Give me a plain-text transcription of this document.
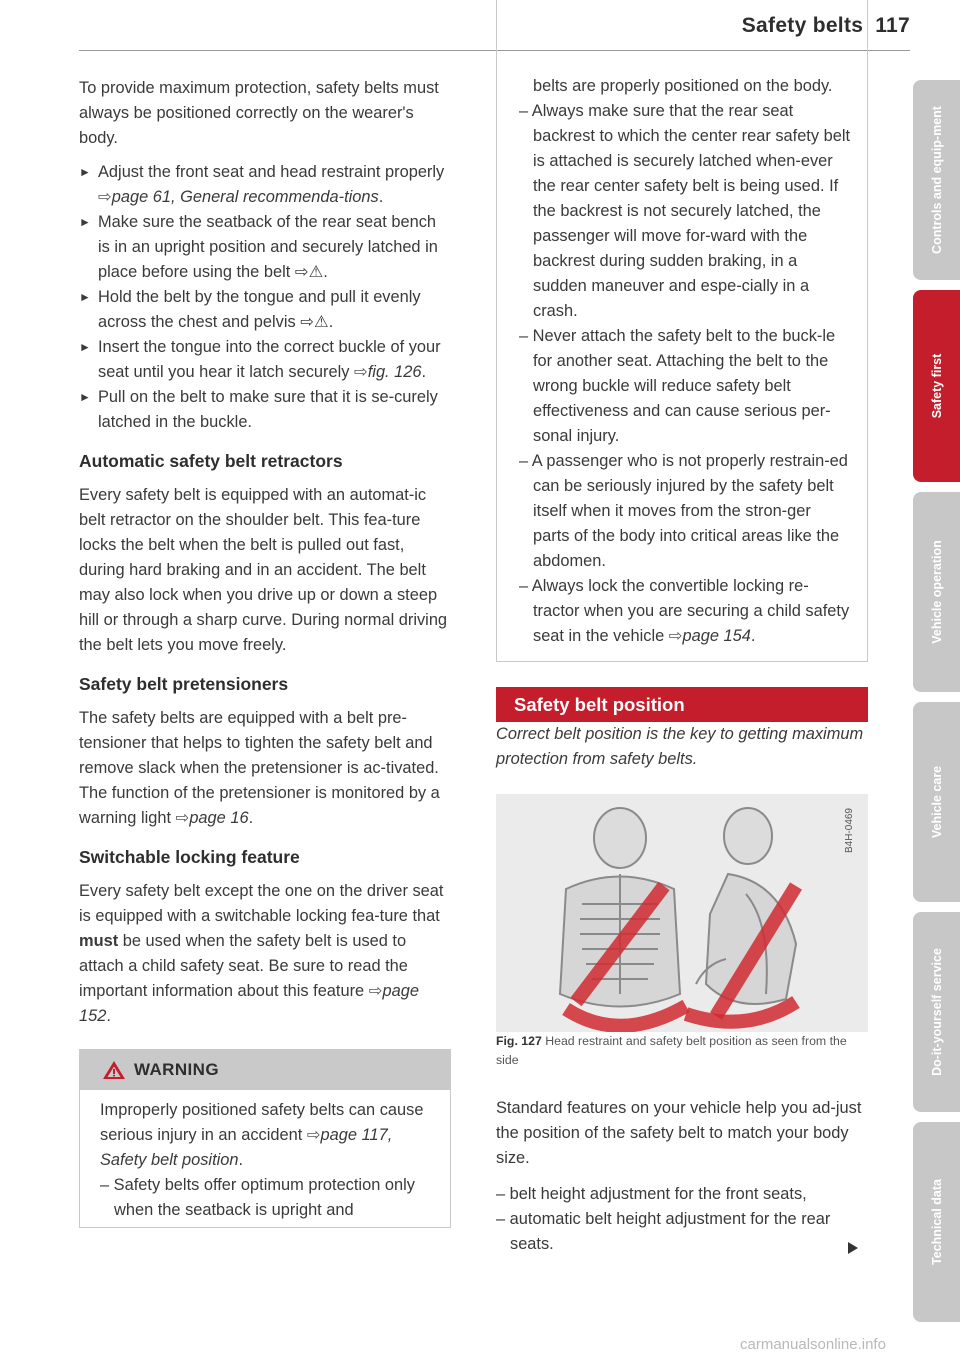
Safety belts 117

To provide maximum protection, safety belts must always be positioned correctly on the wearer's body.

► Adjust the front seat and head restraint properly ⇨page 61, General recommenda-tions.

► Make sure the seatback of the rear seat bench is in an upright position and securely latched in place before using the belt ⇨⚠.

► Hold the belt by the tongue and pull it evenly across the chest and pelvis ⇨⚠.

► Insert the tongue into the correct buckle of your seat until you hear it latch securely ⇨fig. 126.

► Pull on the belt to make sure that it is se-curely latched in the buckle.

Automatic safety belt retractors

Every safety belt is equipped with an automat-ic belt retractor on the shoulder belt. This fea-ture locks the belt when the belt is pulled out fast, during hard braking and in an accident. The belt may also lock when you drive up or down a steep hill or through a sharp curve. During normal driving the belt lets you move freely.

Safety belt pretensioners

The safety belts are equipped with a belt pre-tensioner that helps to tighten the safety belt and remove slack when the pretensioner is ac-tivated. The function of the pretensioner is monitored by a warning light ⇨page 16.

Switchable locking feature

Every safety belt except the one on the driver seat is equipped with a switchable locking fea-ture that must be used when the safety belt is used to attach a child safety seat. Be sure to read the important information about this feature ⇨page 152.

WARNING

Improperly positioned safety belts can cause serious injury in an accident ⇨page 117, Safety belt position.

– Safety belts offer optimum protection only when the seatback is upright and

belts are properly positioned on the body.

– Always make sure that the rear seat backrest to which the center rear safety belt is attached is securely latched when-ever the rear center safety belt is being used. If the backrest is not securely latched, the passenger will move for-ward with the backrest during sudden braking, in a sudden maneuver and espe-cially in a crash.

– Never attach the safety belt to the buck-le for another seat. Attaching the belt to the wrong buckle will reduce safety belt effectiveness and can cause serious per-sonal injury.

– A passenger who is not properly restrain-ed can be seriously injured by the safety belt itself when it moves from the stron-ger parts of the body into critical areas like the abdomen.

– Always lock the convertible locking re-tractor when you are securing a child safety seat in the vehicle ⇨page 154.

Safety belt position

Correct belt position is the key to getting maximum protection from safety belts.

B4H-0469

Fig. 127 Head restraint and safety belt position as seen from the side

Standard features on your vehicle help you ad-just the position of the safety belt to match your body size.

– belt height adjustment for the front seats,

– automatic belt height adjustment for the rear seats.

Controls and equip-ment
Safety first
Vehicle operation
Vehicle care
Do-it-yourself service
Technical data
carmanualsonline.info
